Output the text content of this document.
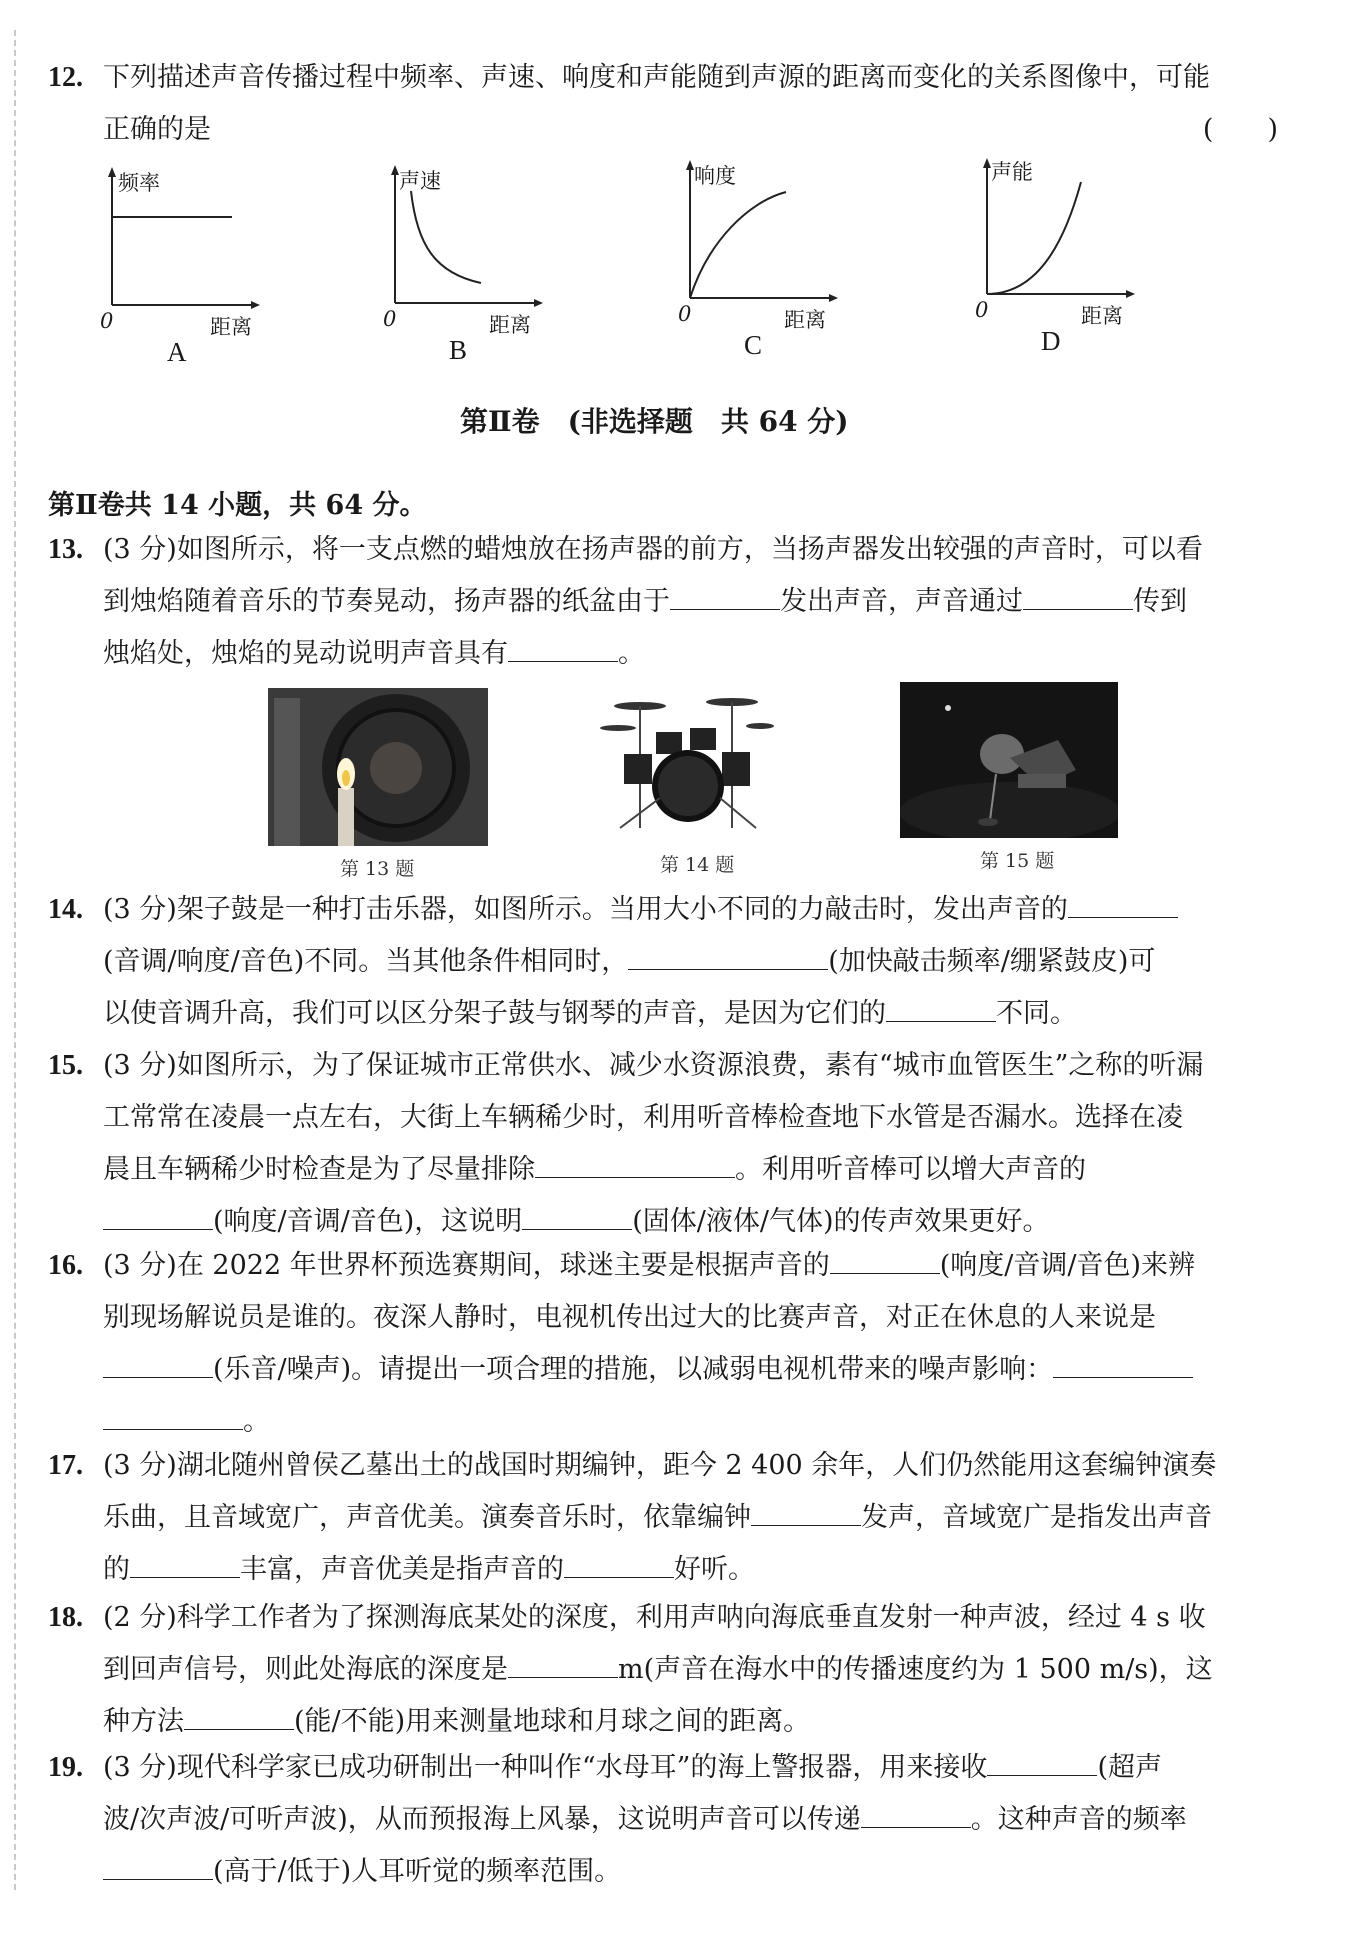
12. 下列描述声音传播过程中频率、声速、响度和声能随到声源的距离而变化的关系图像中，可能
正确的是	(　　)
频率
0	距离
A
声速
0	距离
B
响度
0	距离
C
声能
0	距离
D
第Ⅱ卷　(非选择题　共 64 分)
第Ⅱ卷共 14 小题，共 64 分。
13. (3 分)如图所示，将一支点燃的蜡烛放在扬声器的前方，当扬声器发出较强的声音时，可以看
到烛焰随着音乐的节奏晃动，扬声器的纸盆由于	发出声音，声音通过	传到
烛焰处，烛焰的晃动说明声音具有	。
第 13 题	第 14 题	第 15 题
14. (3 分)架子鼓是一种打击乐器，如图所示。当用大小不同的力敲击时，发出声音的
(音调/响度/音色)不同。当其他条件相同时，	(加快敲击频率/绷紧鼓皮)可
以使音调升高，我们可以区分架子鼓与钢琴的声音，是因为它们的	不同。
15. (3 分)如图所示，为了保证城市正常供水、减少水资源浪费，素有“城市血管医生”之称的听漏
工常常在凌晨一点左右，大街上车辆稀少时，利用听音棒检查地下水管是否漏水。选择在凌
晨且车辆稀少时检查是为了尽量排除	。利用听音棒可以增大声音的
(响度/音调/音色)，这说明	(固体/液体/气体)的传声效果更好。
16. (3 分)在 2022 年世界杯预选赛期间，球迷主要是根据声音的	(响度/音调/音色)来辨
别现场解说员是谁的。夜深人静时，电视机传出过大的比赛声音，对正在休息的人来说是
(乐音/噪声)。请提出一项合理的措施，以减弱电视机带来的噪声影响：
。
17. (3 分)湖北随州曾侯乙墓出土的战国时期编钟，距今 2 400 余年，人们仍然能用这套编钟演奏
乐曲，且音域宽广，声音优美。演奏音乐时，依靠编钟	发声，音域宽广是指发出声音
的	丰富，声音优美是指声音的	好听。
18. (2 分)科学工作者为了探测海底某处的深度，利用声呐向海底垂直发射一种声波，经过 4 s 收
到回声信号，则此处海底的深度是	m(声音在海水中的传播速度约为 1 500 m/s)，这
种方法	(能/不能)用来测量地球和月球之间的距离。
19. (3 分)现代科学家已成功研制出一种叫作“水母耳”的海上警报器，用来接收	(超声
波/次声波/可听声波)，从而预报海上风暴，这说明声音可以传递	。这种声音的频率
(高于/低于)人耳听觉的频率范围。
